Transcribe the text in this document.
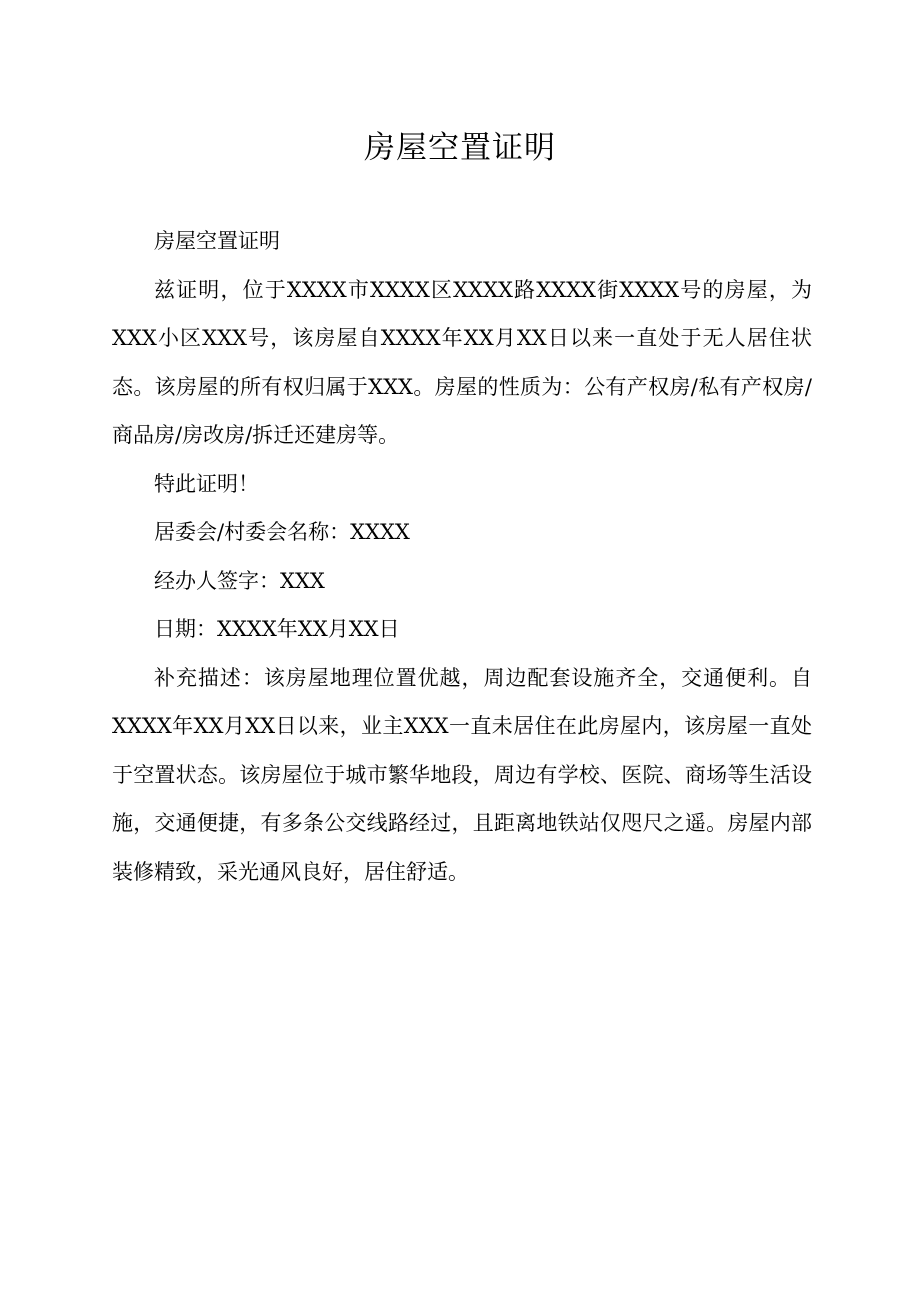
房屋空置证明

房屋空置证明

兹证明，位于XXXX市XXXX区XXXX路XXXX街XXXX号的房屋，为XXX小区XXX号，该房屋自XXXX年XX月XX日以来一直处于无人居住状态。该房屋的所有权归属于XXX。房屋的性质为：公有产权房/私有产权房/商品房/房改房/拆迁还建房等。

特此证明！

居委会/村委会名称：XXXX

经办人签字：XXX

日期：XXXX年XX月XX日

补充描述：该房屋地理位置优越，周边配套设施齐全，交通便利。自XXXX年XX月XX日以来，业主XXX一直未居住在此房屋内，该房屋一直处于空置状态。该房屋位于城市繁华地段，周边有学校、医院、商场等生活设施，交通便捷，有多条公交线路经过，且距离地铁站仅咫尺之遥。房屋内部装修精致，采光通风良好，居住舒适。
